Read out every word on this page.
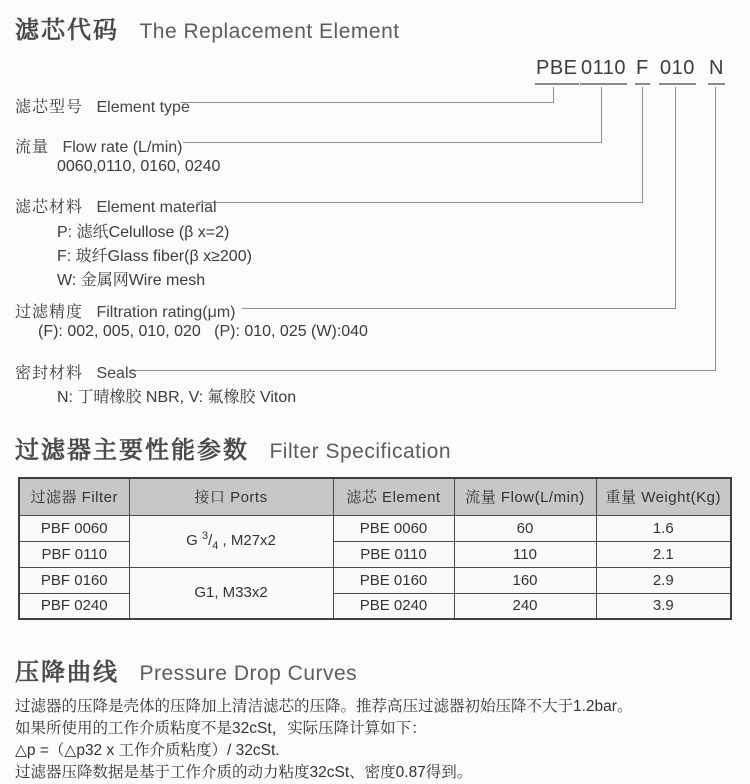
滤芯代码 The Replacement Element
PBE 0110 F 010 N
滤芯型号 Element type
流量 Flow rate (L/min)
0060,0110, 0160, 0240
滤芯材料 Element material
P: 滤纸Celullose (β x=2)
F: 玻纤Glass fiber(β x≥200)
W: 金属网Wire mesh
过滤精度 Filtration rating(μm)
(F): 002, 005, 010, 020   (P): 010, 025 (W):040
密封材料 Seals
N: 丁晴橡胶 NBR, V: 氟橡胶 Viton
过滤器主要性能参数 Filter Specification
过滤器 Filter	接口 Ports	滤芯 Element	流量 Flow(L/min)	重量 Weight(Kg)
PBF 0060	G $^3/_4$ , M27x2	PBE 0060	60	1.6
PBF 0110		PBE 0110	110	2.1
PBF 0160	G1, M33x2	PBE 0160	160	2.9
PBF 0240		PBE 0240	240	3.9
压降曲线 Pressure Drop Curves
过滤器的压降是壳体的压降加上清洁滤芯的压降。推荐高压过滤器初始压降不大于1.2bar。
如果所使用的工作介质粘度不是32cSt，实际压降计算如下：
△p =（△p32 x 工作介质粘度）/ 32cSt.
过滤器压降数据是基于工作介质的动力粘度32cSt、密度0.87得到。
